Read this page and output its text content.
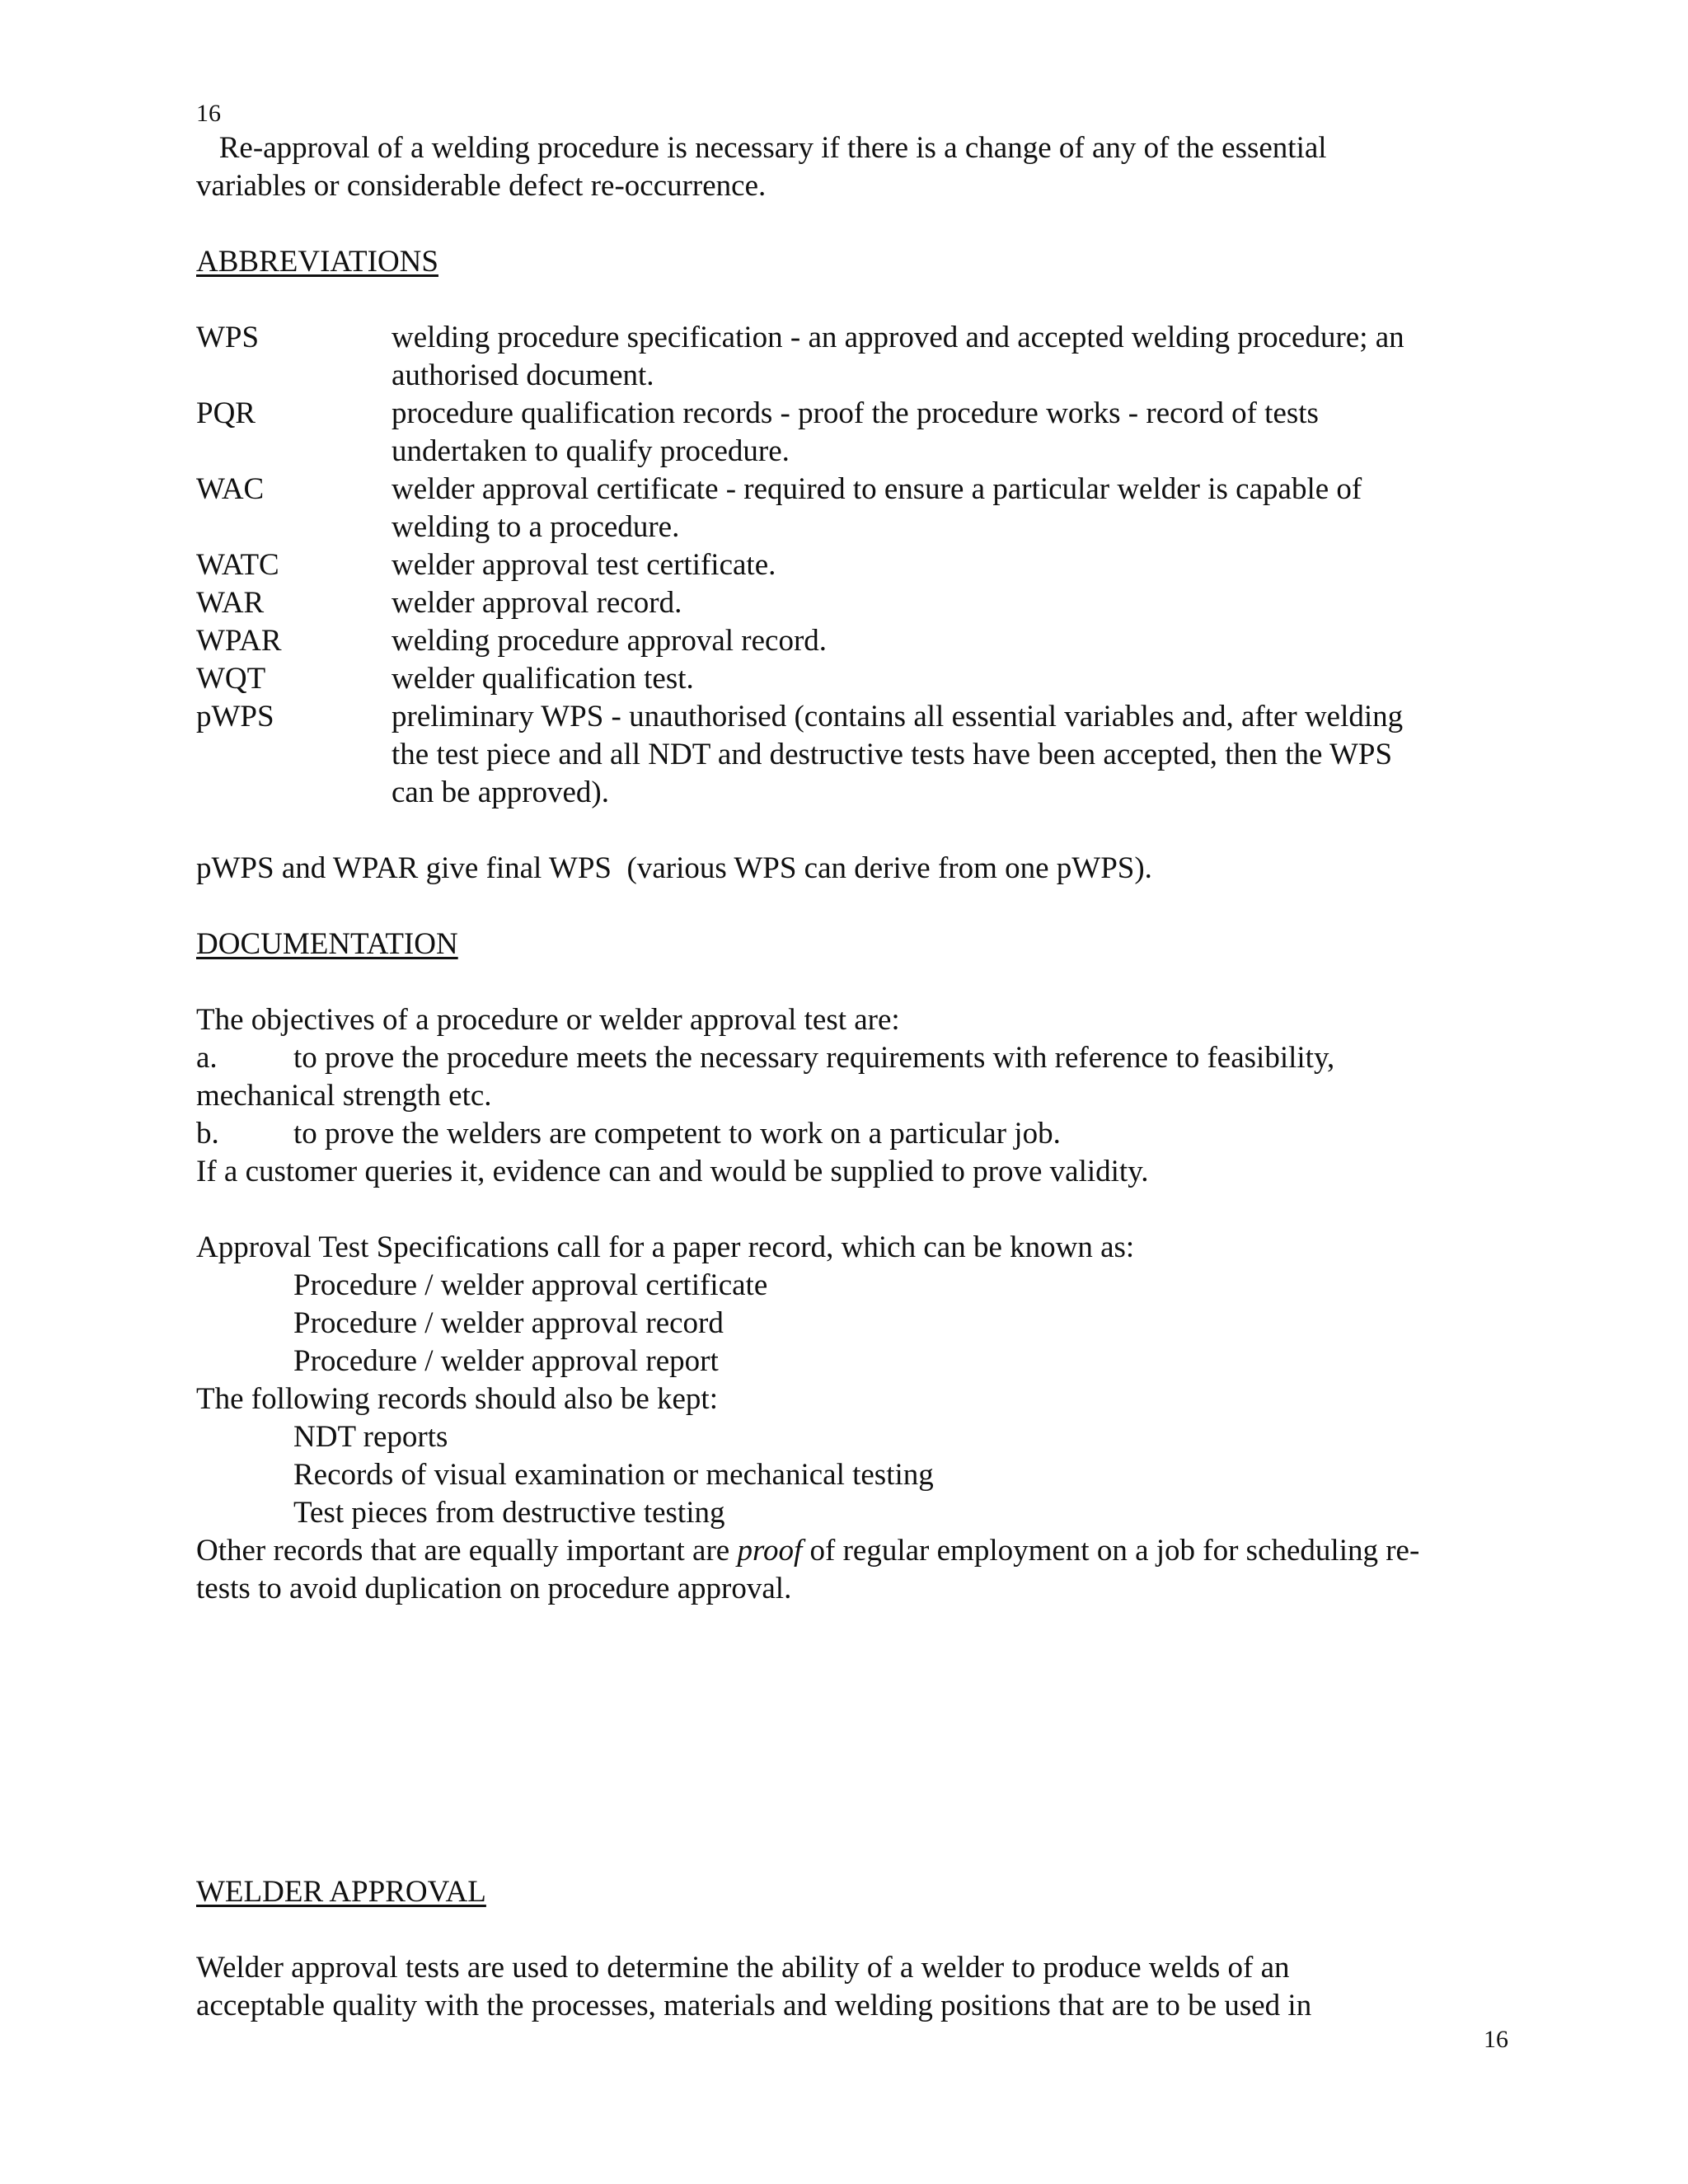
16

Re-approval of a welding procedure is necessary if there is a change of any of the essential

variables or considerable defect re-occurrence.

ABBREVIATIONS

WPS	welding procedure specification - an approved and accepted welding procedure; an
authorised document.
PQR	procedure qualification records - proof the procedure works - record of tests
undertaken to qualify procedure.
WAC	welder approval certificate - required to ensure a particular welder is capable of
welding to a procedure.
WATC	welder approval test certificate.
WAR	welder approval record.
WPAR	welding procedure approval record.
WQT	welder qualification test.
pWPS	preliminary WPS - unauthorised (contains all essential variables and, after welding
the test piece and all NDT and destructive tests have been accepted, then the WPS
can be approved).

pWPS and WPAR give final WPS  (various WPS can derive from one pWPS).

DOCUMENTATION

The objectives of a procedure or welder approval test are:

a.	to prove the procedure meets the necessary requirements with reference to feasibility,

mechanical strength etc.

b.	to prove the welders are competent to work on a particular job.

If a customer queries it, evidence can and would be supplied to prove validity.

Approval Test Specifications call for a paper record, which can be known as:

Procedure / welder approval certificate

Procedure / welder approval record

Procedure / welder approval report

The following records should also be kept:

NDT reports

Records of visual examination or mechanical testing

Test pieces from destructive testing

Other records that are equally important are proof of regular employment on a job for scheduling re-

tests to avoid duplication on procedure approval.

WELDER APPROVAL

Welder approval tests are used to determine the ability of a welder to produce welds of an

acceptable quality with the processes, materials and welding positions that are to be used in

16
